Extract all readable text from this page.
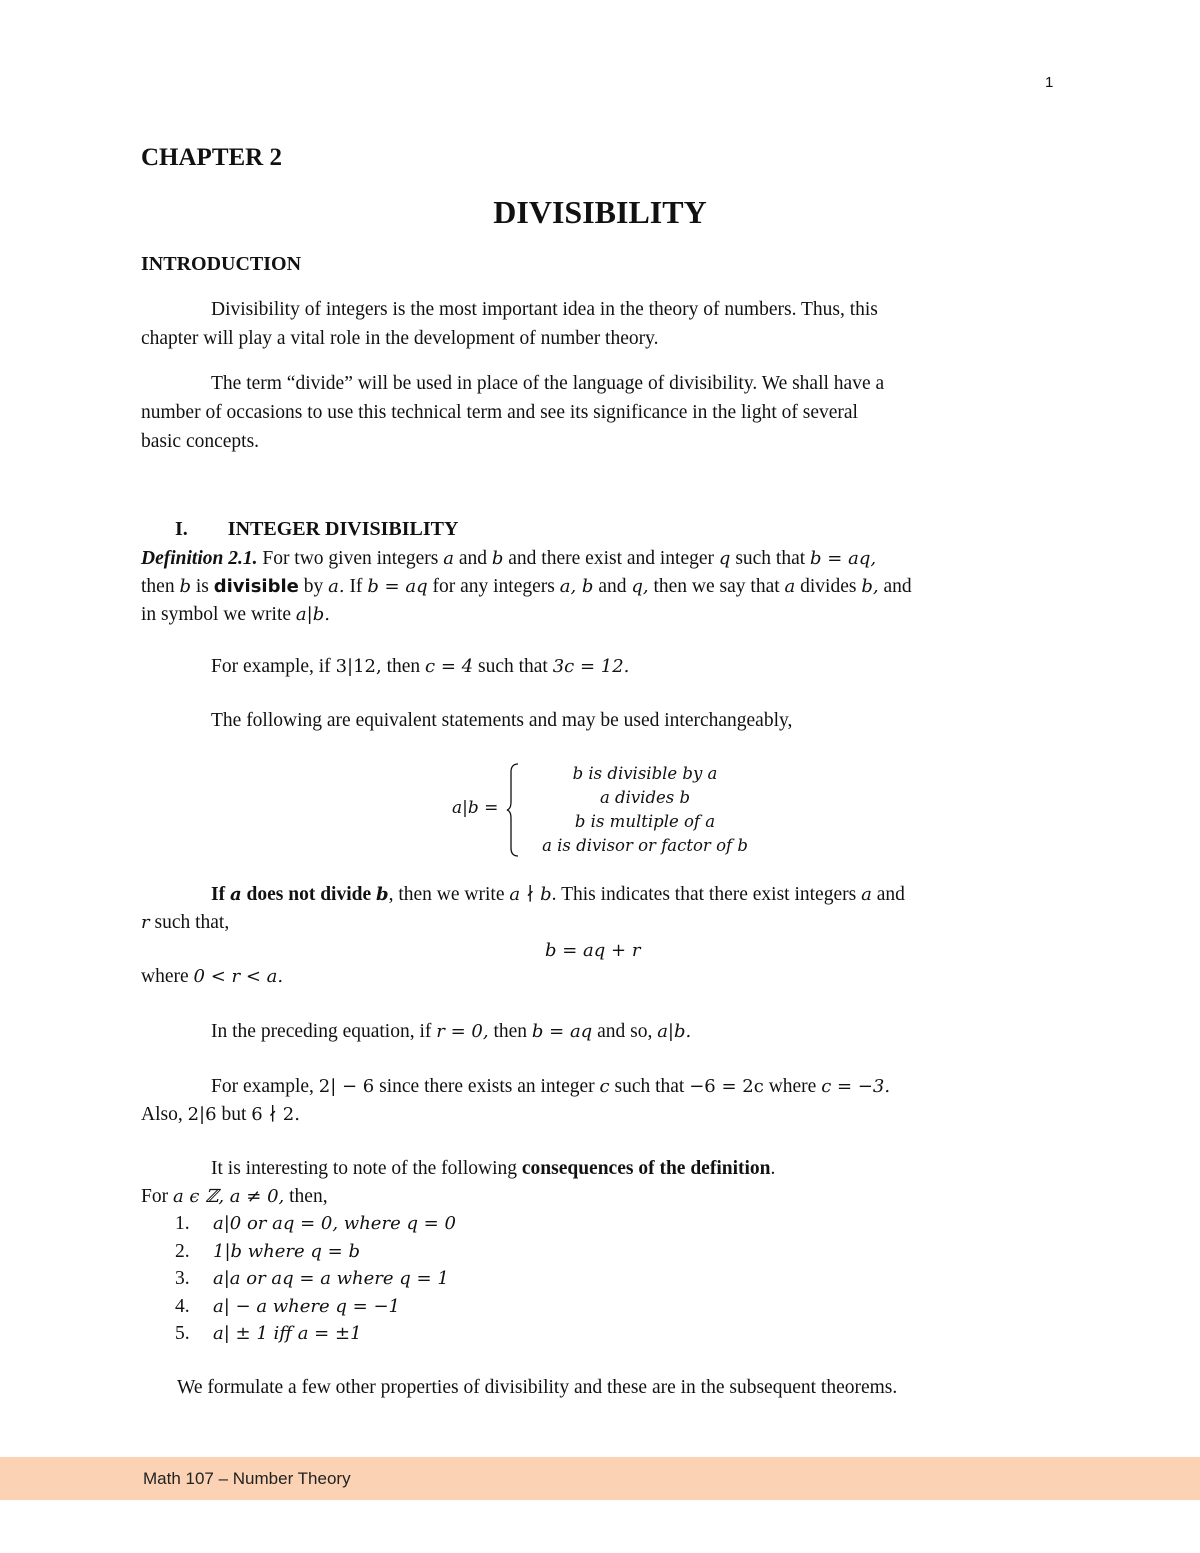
1
CHAPTER 2
DIVISIBILITY
INTRODUCTION
Divisibility of integers is the most important idea in the theory of numbers. Thus, this
chapter will play a vital role in the development of number theory.
The term “divide” will be used in place of the language of divisibility. We shall have a
number of occasions to use this technical term and see its significance in the light of several
basic concepts.
I. INTEGER DIVISIBILITY
Definition 2.1. For two given integers a and b and there exist and integer q such that b = aq,
then b is divisible by a. If b = aq for any integers a, b and q, then we say that a divides b, and
in symbol we write a|b.
For example, if 3|12, then c = 4 such that 3c = 12.
The following are equivalent statements and may be used interchangeably,
a|b =
b is divisible by a
a divides b
b is multiple of a
a is divisor or factor of b
If a does not divide b, then we write a ∤ b. This indicates that there exist integers a and
r such that,
b = aq + r
where 0 < r < a.
In the preceding equation, if r = 0, then b = aq and so, a|b.
For example, 2| − 6 since there exists an integer c such that −6 = 2c where c = −3.
Also, 2|6 but 6 ∤ 2.
It is interesting to note of the following consequences of the definition.
For a ϵ ℤ, a ≠ 0, then,
1. a|0 or aq = 0, where q = 0
2. 1|b where q = b
3. a|a or aq = a where q = 1
4. a| − a where q = −1
5. a| ± 1 iff a = ±1
We formulate a few other properties of divisibility and these are in the subsequent theorems.
Math 107 – Number Theory
